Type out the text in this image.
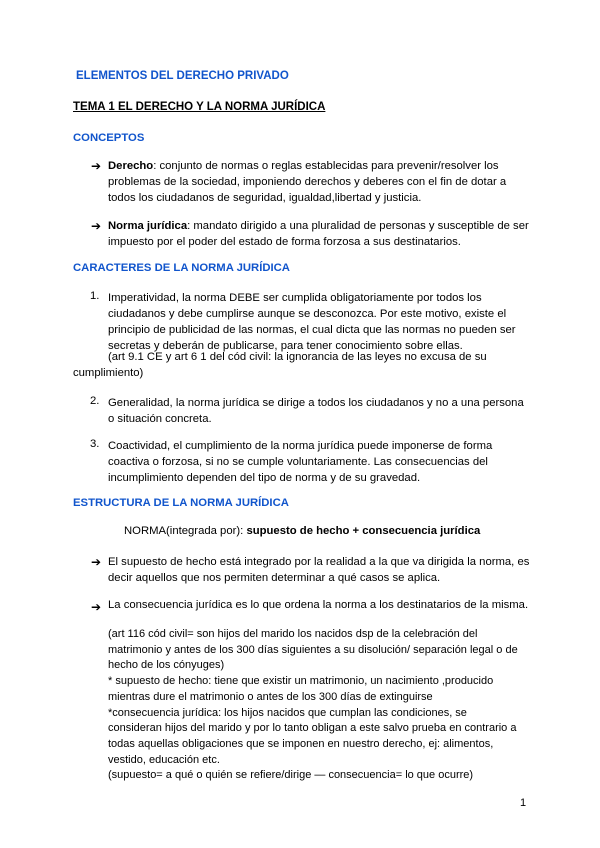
ELEMENTOS DEL DERECHO PRIVADO
TEMA 1 EL DERECHO Y LA NORMA JURÍDICA
CONCEPTOS
➔ Derecho: conjunto de normas o reglas establecidas para prevenir/resolver los
problemas de la sociedad, imponiendo derechos y deberes con el fin de dotar a
todos los ciudadanos de seguridad, igualdad,libertad y justicia.
➔ Norma jurídica: mandato dirigido a una pluralidad de personas y susceptible de ser
impuesto por el poder del estado de forma forzosa a sus destinatarios.
CARACTERES DE LA NORMA JURÍDICA
1. Imperatividad, la norma DEBE ser cumplida obligatoriamente por todos los
ciudadanos y debe cumplirse aunque se desconozca. Por este motivo, existe el
principio de publicidad de las normas, el cual dicta que las normas no pueden ser
secretas y deberán de publicarse, para tener conocimiento sobre ellas.
(art 9.1 CE y art 6 1 del cód civil: la ignorancia de las leyes no excusa de su
cumplimiento)
2. Generalidad, la norma jurídica se dirige a todos los ciudadanos y no a una persona
o situación concreta.
3. Coactividad, el cumplimiento de la norma jurídica puede imponerse de forma
coactiva o forzosa, si no se cumple voluntariamente. Las consecuencias del
incumplimiento dependen del tipo de norma y de su gravedad.
ESTRUCTURA DE LA NORMA JURÍDICA
NORMA(integrada por): supuesto de hecho + consecuencia jurídica
➔ El supuesto de hecho está integrado por la realidad a la que va dirigida la norma, es
decir aquellos que nos permiten determinar a qué casos se aplica.
➔ La consecuencia jurídica es lo que ordena la norma a los destinatarios de la misma.
(art 116 cód civil= son hijos del marido los nacidos dsp de la celebración del
matrimonio y antes de los 300 días siguientes a su disolución/ separación legal o de
hecho de los cónyuges)
* supuesto de hecho: tiene que existir un matrimonio, un nacimiento ,producido
mientras dure el matrimonio o antes de los 300 días de extinguirse
*consecuencia jurídica: los hijos nacidos que cumplan las condiciones, se
consideran hijos del marido y por lo tanto obligan a este salvo prueba en contrario a
todas aquellas obligaciones que se imponen en nuestro derecho, ej: alimentos,
vestido, educación etc.
(supuesto= a qué o quién se refiere/dirige — consecuencia= lo que ocurre)
1
